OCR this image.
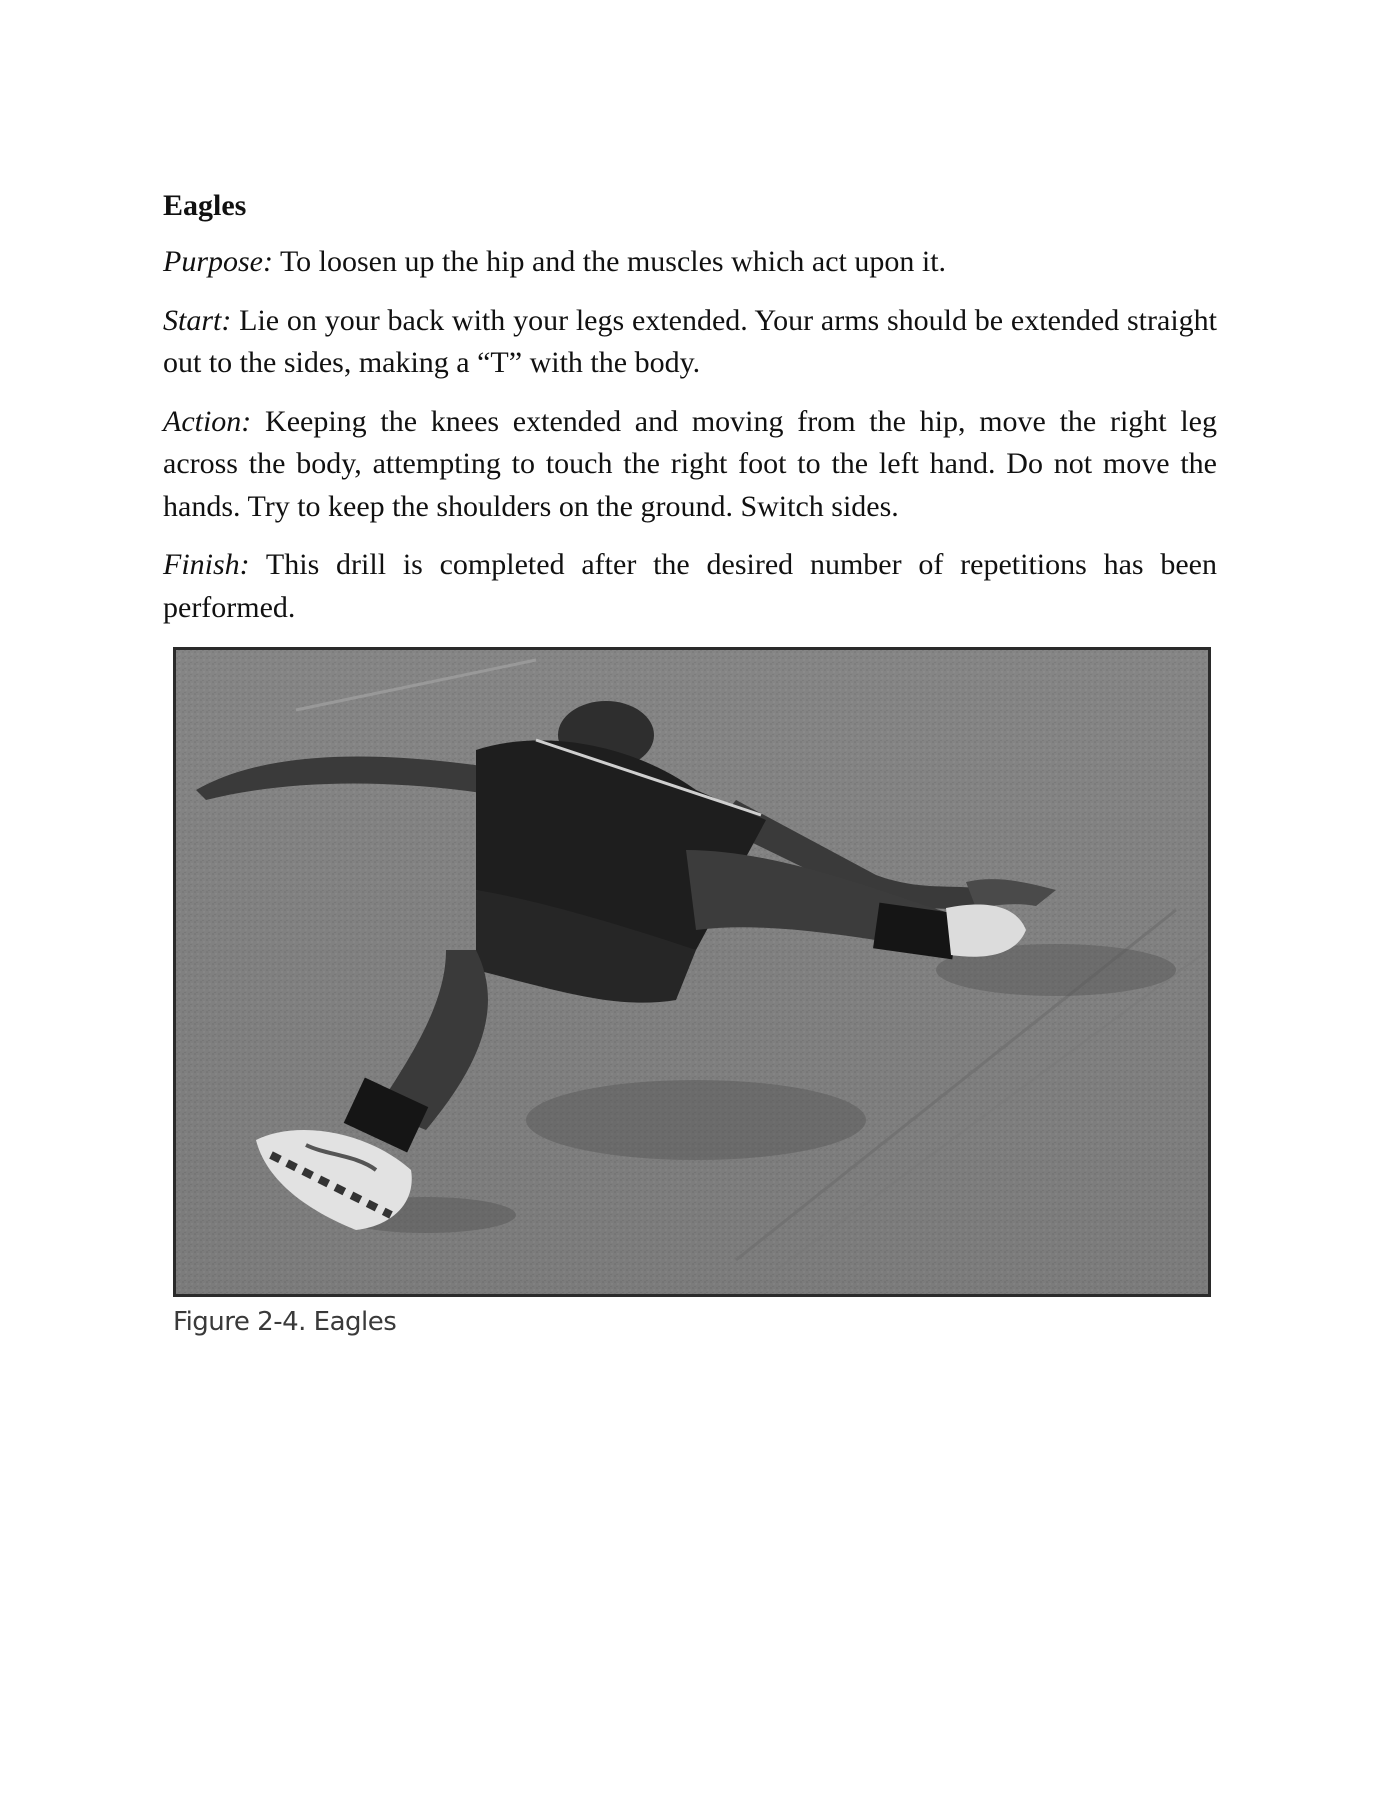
Eagles

Purpose: To loosen up the hip and the muscles which act upon it.

Start: Lie on your back with your legs extended. Your arms should be extended straight out to the sides, making a “T” with the body.

Action: Keeping the knees extended and moving from the hip, move the right leg across the body, attempting to touch the right foot to the left hand. Do not move the hands. Try to keep the shoulders on the ground. Switch sides.

Finish: This drill is completed after the desired number of repetitions has been performed.

Figure 2-4. Eagles
